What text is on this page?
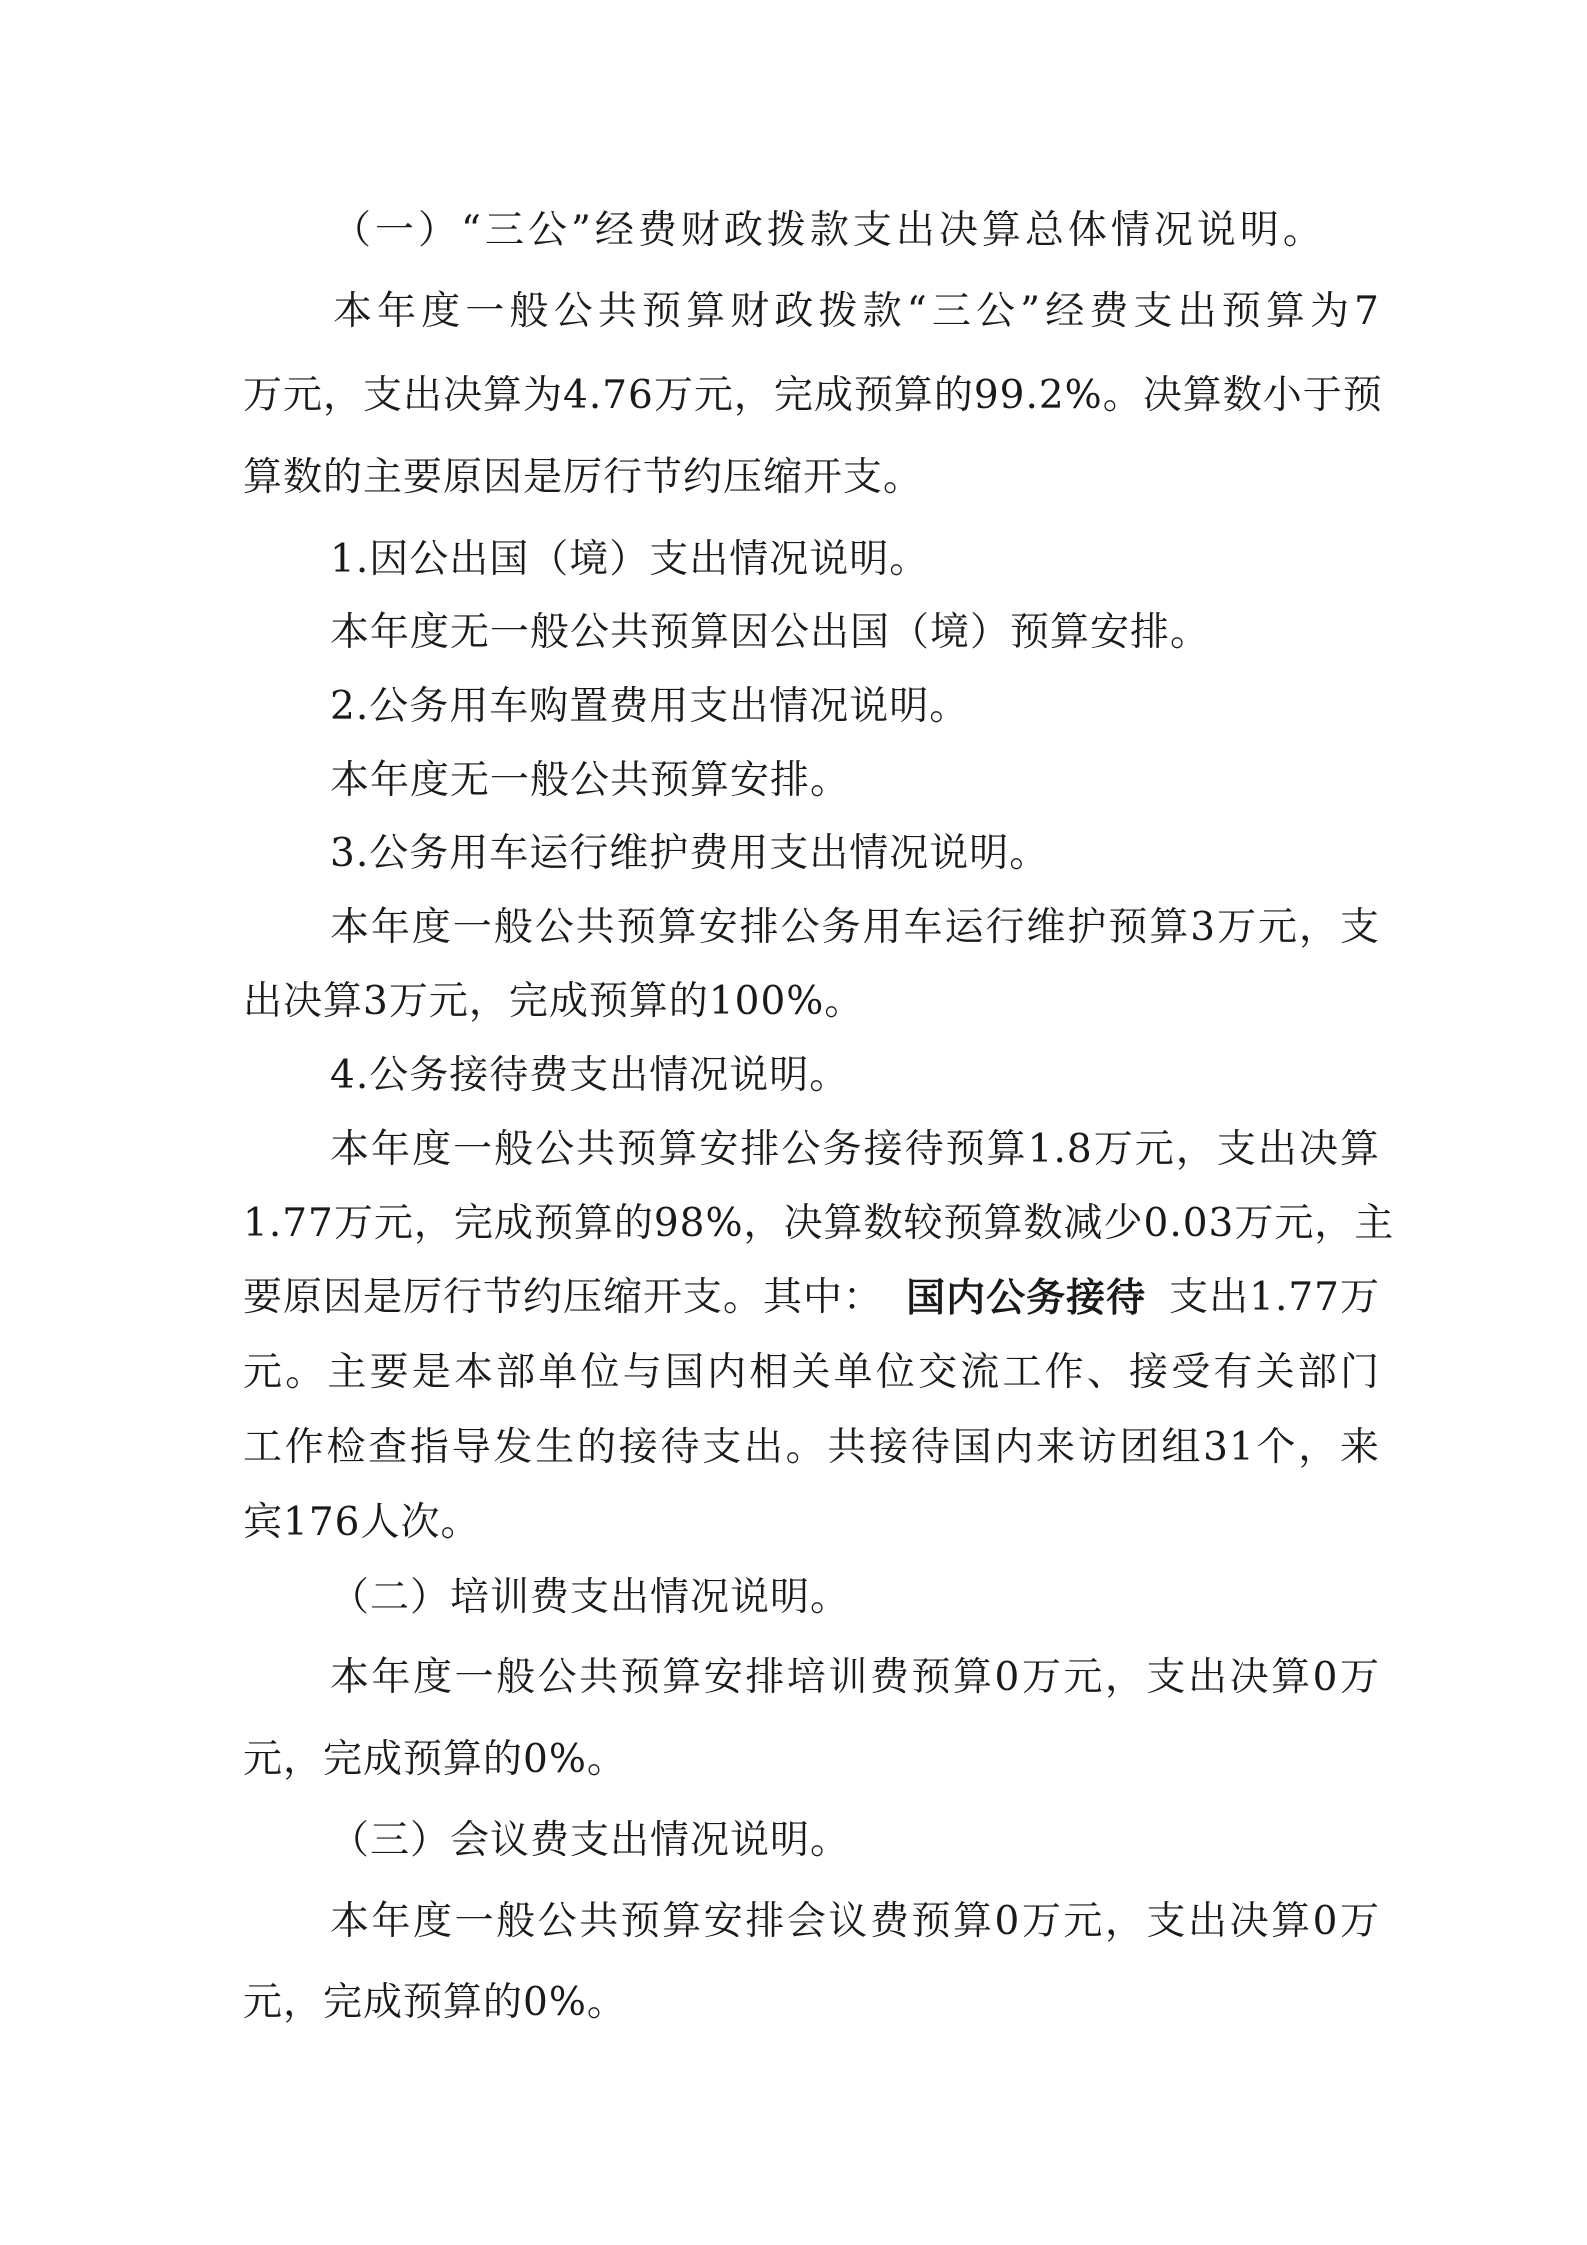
（一）“三公”经费财政拨款支出决算总体情况说明。
本年度一般公共预算财政拨款“三公”经费支出预算为7
万元，支出决算为4.76万元，完成预算的99.2%。决算数小于预
算数的主要原因是厉行节约压缩开支。
1.因公出国（境）支出情况说明。
本年度无一般公共预算因公出国（境）预算安排。
2.公务用车购置费用支出情况说明。
本年度无一般公共预算安排。
3.公务用车运行维护费用支出情况说明。
本年度一般公共预算安排公务用车运行维护预算3万元，支
出决算3万元，完成预算的100%。
4.公务接待费支出情况说明。
本年度一般公共预算安排公务接待预算1.8万元，支出决算
1.77万元，完成预算的98%，决算数较预算数减少0.03万元，主
要原因是厉行节约压缩开支。其中： 国内公务接待 支出1.77万
元。主要是本部单位与国内相关单位交流工作、接受有关部门
工作检查指导发生的接待支出。共接待国内来访团组31个，来
宾176人次。
（二）培训费支出情况说明。
本年度一般公共预算安排培训费预算0万元，支出决算0万
元，完成预算的0%。
（三）会议费支出情况说明。
本年度一般公共预算安排会议费预算0万元，支出决算0万
元，完成预算的0%。
